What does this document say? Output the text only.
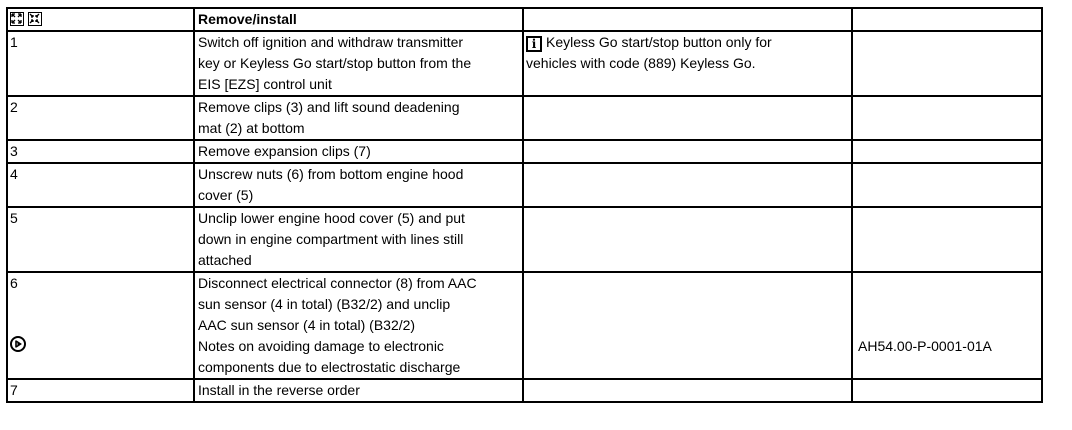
	Remove/install		
1	Switch off ignition and withdraw transmitter
key or Keyless Go start/stop button from the
EIS [EZS] control unit	i Keyless Go start/stop button only for
vehicles with code (889) Keyless Go.	

2	Remove clips (3) and lift sound deadening
mat (2) at bottom		

3	Remove expansion clips (7)		

4	Unscrew nuts (6) from bottom engine hood
cover (5)		

5	Unclip lower engine hood cover (5) and put
down in engine compartment with lines still
attached		

6	Disconnect electrical connector (8) from AAC
sun sensor (4 in total) (B32/2) and unclip
AAC sun sensor (4 in total) (B32/2)
Notes on avoiding damage to electronic
components due to electrostatic discharge		AH54.00-P-0001-01A

7	Install in the reverse order		
